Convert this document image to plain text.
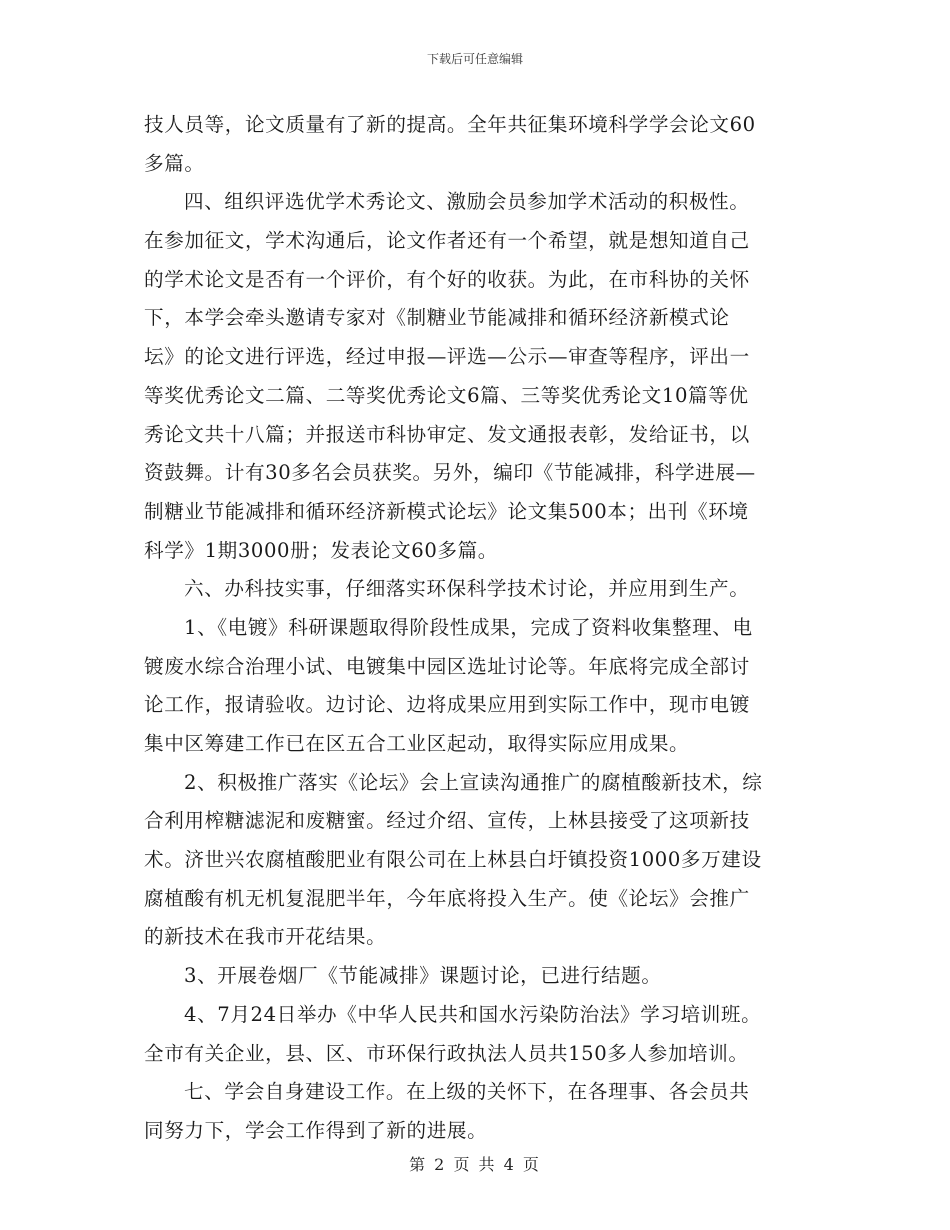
下载后可任意编辑
技人员等，论文质量有了新的提高。全年共征集环境科学学会论文60
多篇。
四、组织评选优学术秀论文、激励会员参加学术活动的积极性。
在参加征文，学术沟通后，论文作者还有一个希望，就是想知道自己
的学术论文是否有一个评价，有个好的收获。为此，在市科协的关怀
下，本学会牵头邀请专家对《制糖业节能减排和循环经济新模式论
坛》的论文进行评选，经过申报—评选—公示—审查等程序，评出一
等奖优秀论文二篇、二等奖优秀论文6篇、三等奖优秀论文10篇等优
秀论文共十八篇；并报送市科协审定、发文通报表彰，发给证书，以
资鼓舞。计有30多名会员获奖。另外，编印《节能减排，科学进展—
制糖业节能减排和循环经济新模式论坛》论文集500本；出刊《环境
科学》1期3000册；发表论文60多篇。
六、办科技实事，仔细落实环保科学技术讨论，并应用到生产。
1、《电镀》科研课题取得阶段性成果，完成了资料收集整理、电
镀废水综合治理小试、电镀集中园区选址讨论等。年底将完成全部讨
论工作，报请验收。边讨论、边将成果应用到实际工作中，现市电镀
集中区筹建工作已在区五合工业区起动，取得实际应用成果。
2、积极推广落实《论坛》会上宣读沟通推广的腐植酸新技术，综
合利用榨糖滤泥和废糖蜜。经过介绍、宣传，上林县接受了这项新技
术。济世兴农腐植酸肥业有限公司在上林县白圩镇投资1000多万建设
腐植酸有机无机复混肥半年，今年底将投入生产。使《论坛》会推广
的新技术在我市开花结果。
3、开展卷烟厂《节能减排》课题讨论，已进行结题。
4、7月24日举办《中华人民共和国水污染防治法》学习培训班。
全市有关企业，县、区、市环保行政执法人员共150多人参加培训。
七、学会自身建设工作。在上级的关怀下，在各理事、各会员共
同努力下，学会工作得到了新的进展。
第 2 页 共 4 页
